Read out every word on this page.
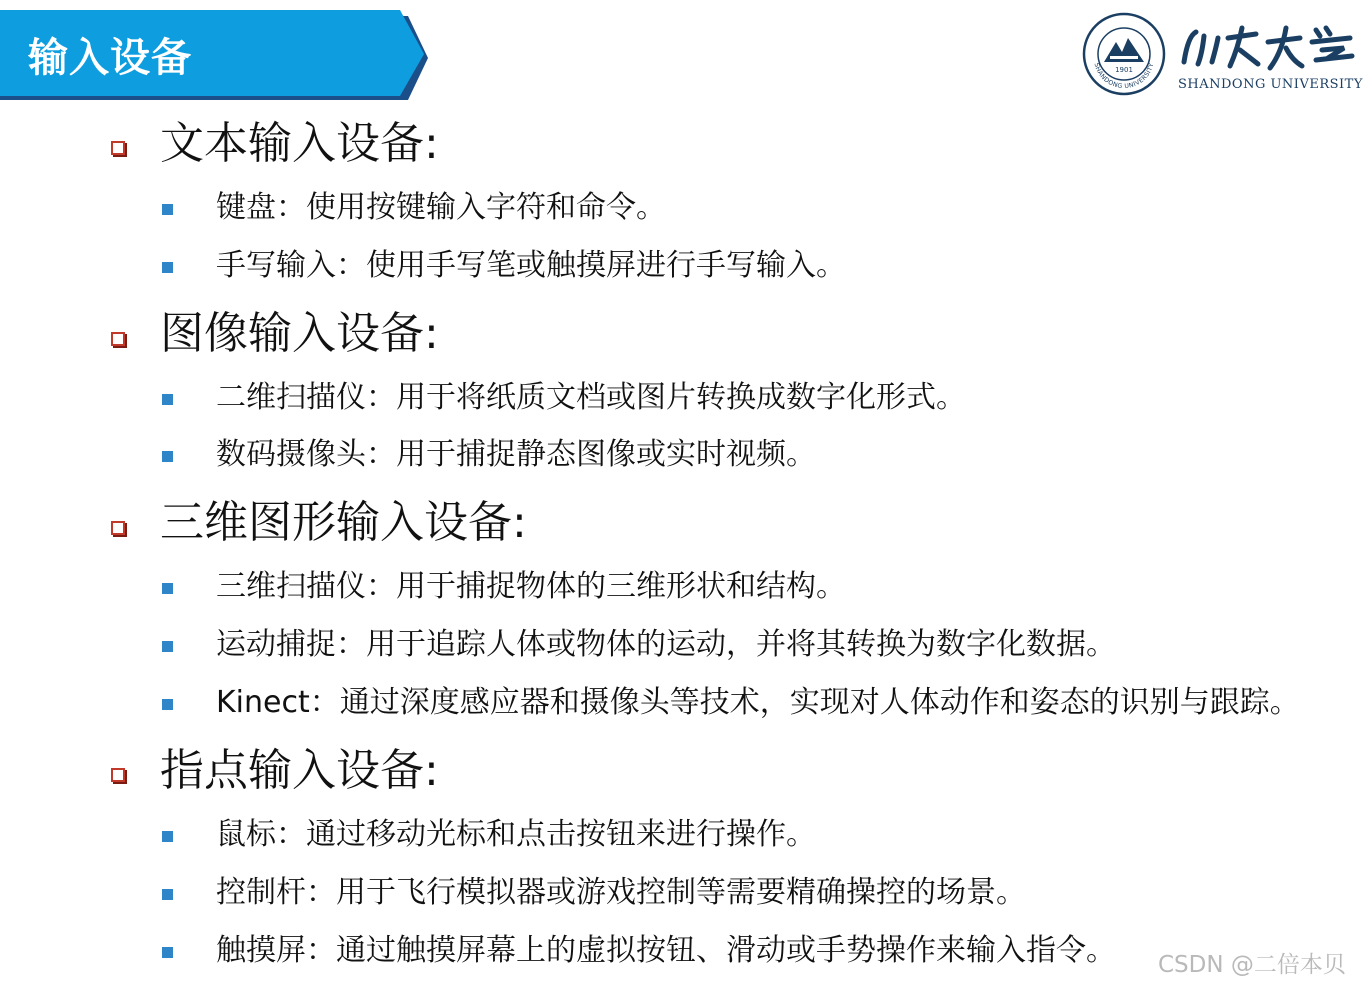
输入设备	1901
SHANDONG UNIVERSITY
SHANDONG UNIVERSITY
文本输入设备:
键盘：使用按键输入字符和命令。
手写输入：使用手写笔或触摸屏进行手写输入。
图像输入设备:
二维扫描仪：用于将纸质文档或图片转换成数字化形式。
数码摄像头：用于捕捉静态图像或实时视频。
三维图形输入设备:
三维扫描仪：用于捕捉物体的三维形状和结构。
运动捕捉：用于追踪人体或物体的运动，并将其转换为数字化数据。
Kinect：通过深度感应器和摄像头等技术，实现对人体动作和姿态的识别与跟踪。
指点输入设备:
鼠标：通过移动光标和点击按钮来进行操作。
控制杆：用于飞行模拟器或游戏控制等需要精确操控的场景。
触摸屏：通过触摸屏幕上的虚拟按钮、滑动或手势操作来输入指令。 CSDN @二倍本贝
